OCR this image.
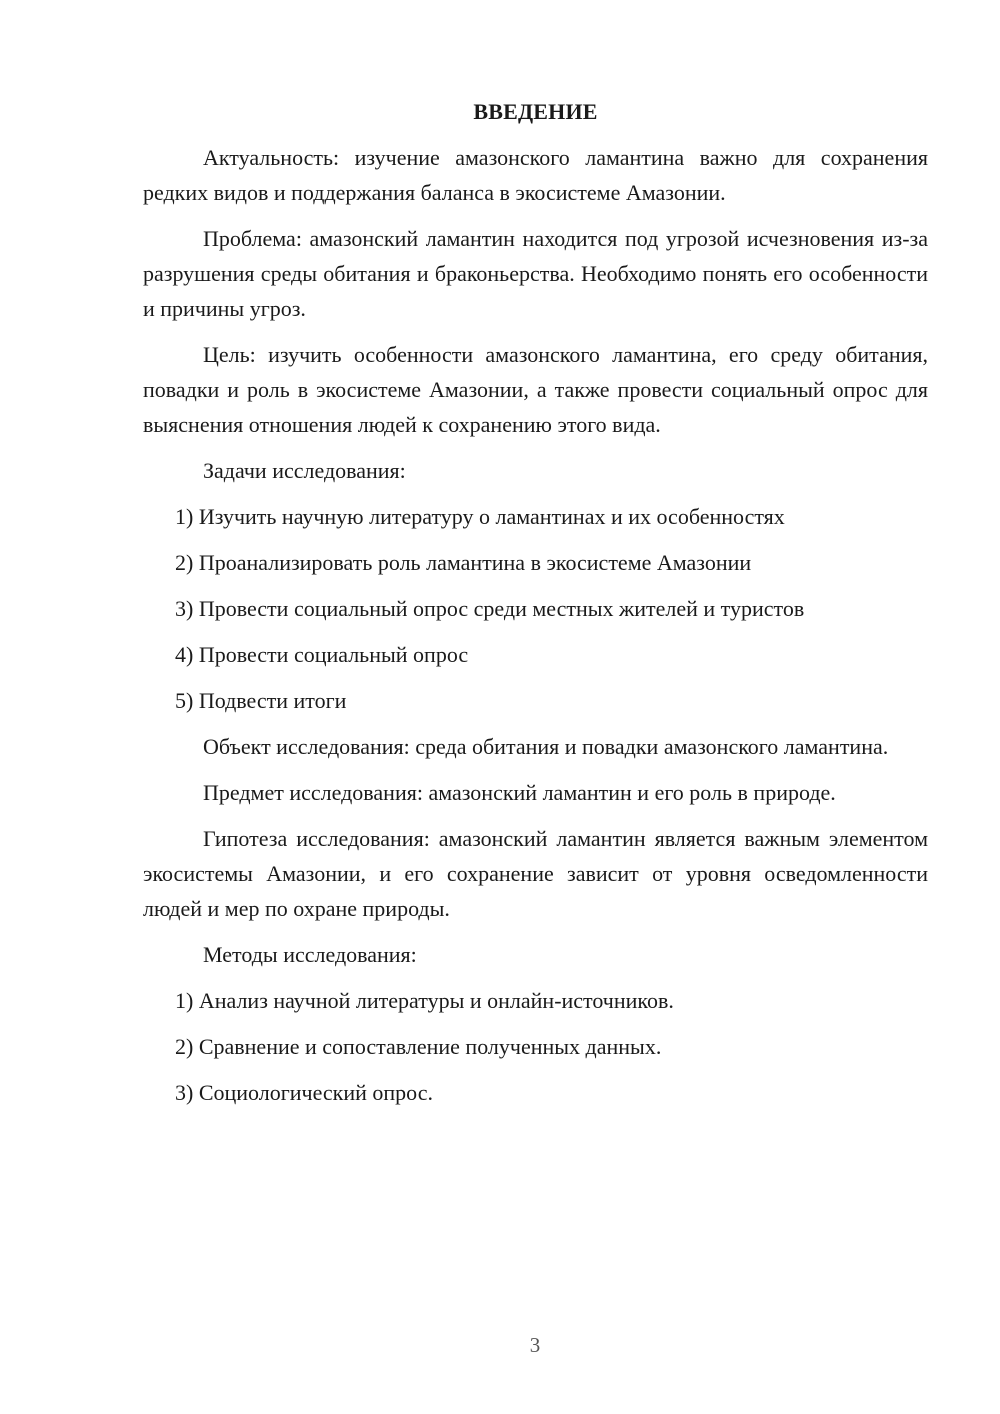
ВВЕДЕНИЕ

Актуальность: изучение амазонского ламантина важно для сохранения редких видов и поддержания баланса в экосистеме Амазонии.

Проблема: амазонский ламантин находится под угрозой исчезновения из-за разрушения среды обитания и браконьерства. Необходимо понять его особенности и причины угроз.

Цель: изучить особенности амазонского ламантина, его среду обитания, повадки и роль в экосистеме Амазонии, а также провести социальный опрос для выяснения отношения людей к сохранению этого вида.

Задачи исследования:

1) Изучить научную литературу о ламантинах и их особенностях
2) Проанализировать роль ламантина в экосистеме Амазонии
3) Провести социальный опрос среди местных жителей и туристов
4) Провести социальный опрос
5) Подвести итоги

Объект исследования: среда обитания и повадки амазонского ламантина.

Предмет исследования: амазонский ламантин и его роль в природе.

Гипотеза исследования: амазонский ламантин является важным элементом экосистемы Амазонии, и его сохранение зависит от уровня осведомленности людей и мер по охране природы.

Методы исследования:

1) Анализ научной литературы и онлайн-источников.
2) Сравнение и сопоставление полученных данных.
3) Социологический опрос.
3
